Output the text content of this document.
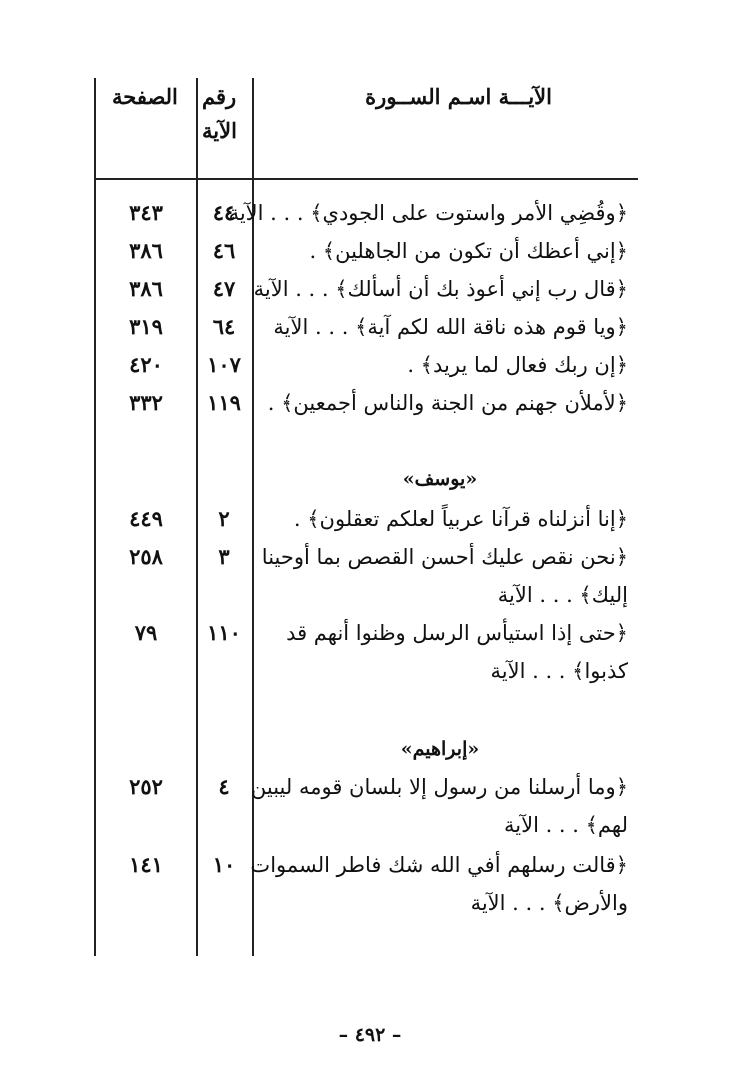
الصفحة رقم
الآية
الآيـــة اسـم الســورة
﴿وقُضِي الأمر واستوت على الجودي﴾ . . . الآية
٤٤
٣٤٣
﴿إني أعظك أن تكون من الجاهلين﴾ .
٤٦
٣٨٦
﴿قال رب إني أعوذ بك أن أسألك﴾ . . . الآية
٤٧
٣٨٦
﴿ويا قوم هذه ناقة الله لكم آية﴾ . . . الآية
٦٤
٣١٩
﴿إن ربك فعال لما يريد﴾ .
١٠٧
٤٢٠
﴿لأملأن جهنم من الجنة والناس أجمعين﴾ .
١١٩
٣٣٢
«يوسف»
﴿إنا أنزلناه قرآنا عربياً لعلكم تعقلون﴾ .
٢
٤٤٩
﴿نحن نقص عليك أحسن القصص بما أوحينا
٣
٢٥٨
إليك﴾ . . . الآية
﴿حتى إذا استيأس الرسل وظنوا أنهم قد
١١٠
٧٩
كذبوا﴾ . . . الآية
«إبراهيم»
﴿وما أرسلنا من رسول إلا بلسان قومه ليبين
٤
٢٥٢
لهم﴾ . . . الآية
﴿قالت رسلهم أفي الله شك فاطر السموات
١٠
١٤١
والأرض﴾ . . . الآية
– ٤٩٢ –
